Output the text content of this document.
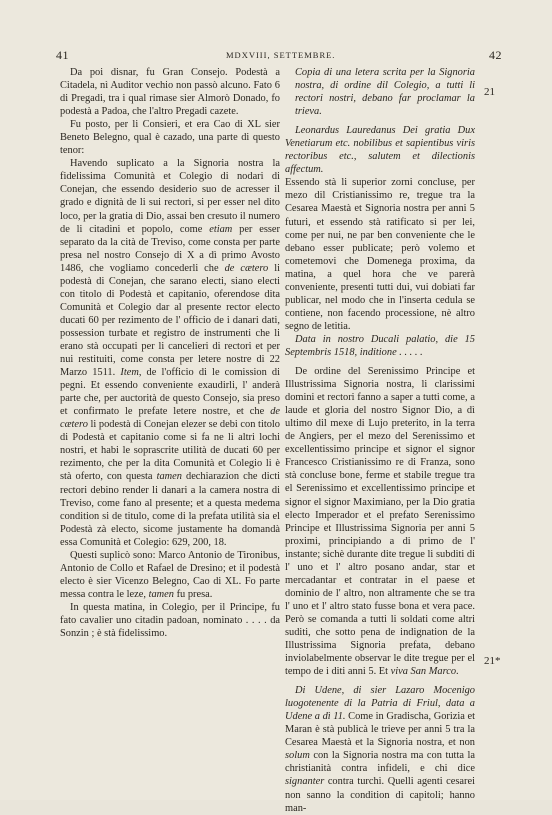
41	MDXVIII, SETTEMBRE.	42

Da poi disnar, fu Gran Consejo. Podestà a Citadela, nì Auditor vechio non passò alcuno. Fato 6 di Pregadi, tra i qual rimase sier Almorò Donado, fo podestà a Padoa, che l'altro Pregadi cazete.

Fu posto, per li Consieri, et era Cao di XL sier Beneto Belegno, qual è cazado, una parte di questo tenor:

Havendo suplicato a la Signoria nostra la fidelissima Comunità et Colegio di nodari di Conejan, che essendo desiderio suo de acresser il grado e dignità de li sui rectori, si per esser nel dito loco, per la gratia di Dio, assai ben cresuto il numero de li citadini et popolo, come etiam per esser separato da la cità de Treviso, come consta per parte presa nel nostro Consejo di X a dì primo Avosto 1486, che vogliamo concederli che de cætero li podestà di Conejan, che sarano electi, siano electi con titolo di Podestà et capitanio, oferendose dita Comunità et Colegio dar al presente rector electo ducati 60 per rezimento de l' officio de i danari dati, possession turbate et registro de instrumenti che li erano stà occupati per li cancelieri di rectori et per nui restituiti, come consta per letere nostre di 22 Marzo 1511. Item, de l'officio di le comission di pegni. Et essendo conveniente exaudirli, l' anderà parte che, per auctorità de questo Consejo, sia preso et confirmato le prefate letere nostre, et che de cætero li podestà di Conejan elezer se debi con titolo di Podestà et capitanio come si fa ne li altri lochi nostri, et habi le soprascrite utilità de ducati 60 per rezimento, che per la dita Comunità et Colegio li è stà oferto, con questa tamen dechiarazion che dicti rectori debino render li danari a la camera nostra di Treviso, come fano al presente; et a questa medema condition si de titulo, come di la prefata utilità sia el Podestà zà electo, sicome justamente ha domandà essa Comunità et Colegio: 629, 200, 18.

Questi suplicò sono: Marco Antonio de Tironibus, Antonio de Collo et Rafael de Dresino; et il podestà electo è sier Vicenzo Belegno, Cao di XL. Fo parte messa contra le leze, tamen fu presa.

In questa matina, in Colegio, per il Principe, fu fato cavalier uno citadin padoan, nominato . . . . da Sonzin ; è stà fidelissimo.

Copia di una letera scrita per la Signoria nostra, di ordine dil Colegio, a tutti li rectori nostri, debano far proclamar la trieva.

Leonardus Lauredanus Dei gratia Dux Venetiarum etc. nobilibus et sapientibus viris rectoribus etc., salutem et dilectionis affectum.

Essendo stà li superior zorni concluse, per mezo dil Cristianissimo re, tregue tra la Cesarea Maestà et Signoria nostra per anni 5 futuri, et essendo stà ratificato si per lei, come per nui, ne par ben conveniente che le debano esser publicate; però volemo et cometemovi che Domenega proxima, da matina, a quel hora che ve parerà conveniente, presenti tutti dui, vui dobiati far publicar, nel modo che in l'inserta cedula se contiene, non facendo processione, nè altro segno de letitia.

Data in nostro Ducali palatio, die 15 Septembris 1518, inditione . . . . .

De ordine del Serenissimo Principe et Illustrissima Signoria nostra, li clarissimi domini et rectori fanno a saper a tutti come, a laude et gloria del nostro Signor Dio, a dì ultimo dil mexe di Lujo preterito, in la terra de Angiers, per el mezo del Serenissimo et excellentissimo principe et signor el signor Francesco Cristianissimo re di Franza, sono stà concluse bone, ferme et stabile tregue tra el Serenissimo et excellentissimo principe et signor el signor Maximiano, per la Dio gratia electo Imperador et el prefato Serenissimo Principe et Illustrissima Signoria per anni 5 proximi, principiando a di primo de l' instante; sichè durante dite tregue li subditi di l' uno et l' altro posano andar, star et mercadantar et contratar in el paese et dominio de l' altro, non altramente che se tra l' uno et l' altro stato fusse bona et vera pace. Però se comanda a tutti li soldati come altri suditi, che sotto pena de indignation de la Illustrissima Signoria prefata, debano inviolabelmente observar le dite tregue per el tempo de i diti anni 5. Et viva San Marco.

Di Udene, di sier Lazaro Mocenigo luogotenente di la Patria di Friul, data a Udene a dì 11. Come in Gradischa, Gorizia et Maran è stà publicà le trieve per anni 5 tra la Cesarea Maestà et la Signoria nostra, et non solum con la Signoria nostra ma con tutta la christianità contra infideli, e chi dice signanter contra turchi. Quelli agenti cesarei non sanno la condition di capitoli; hanno man-

21
21*
